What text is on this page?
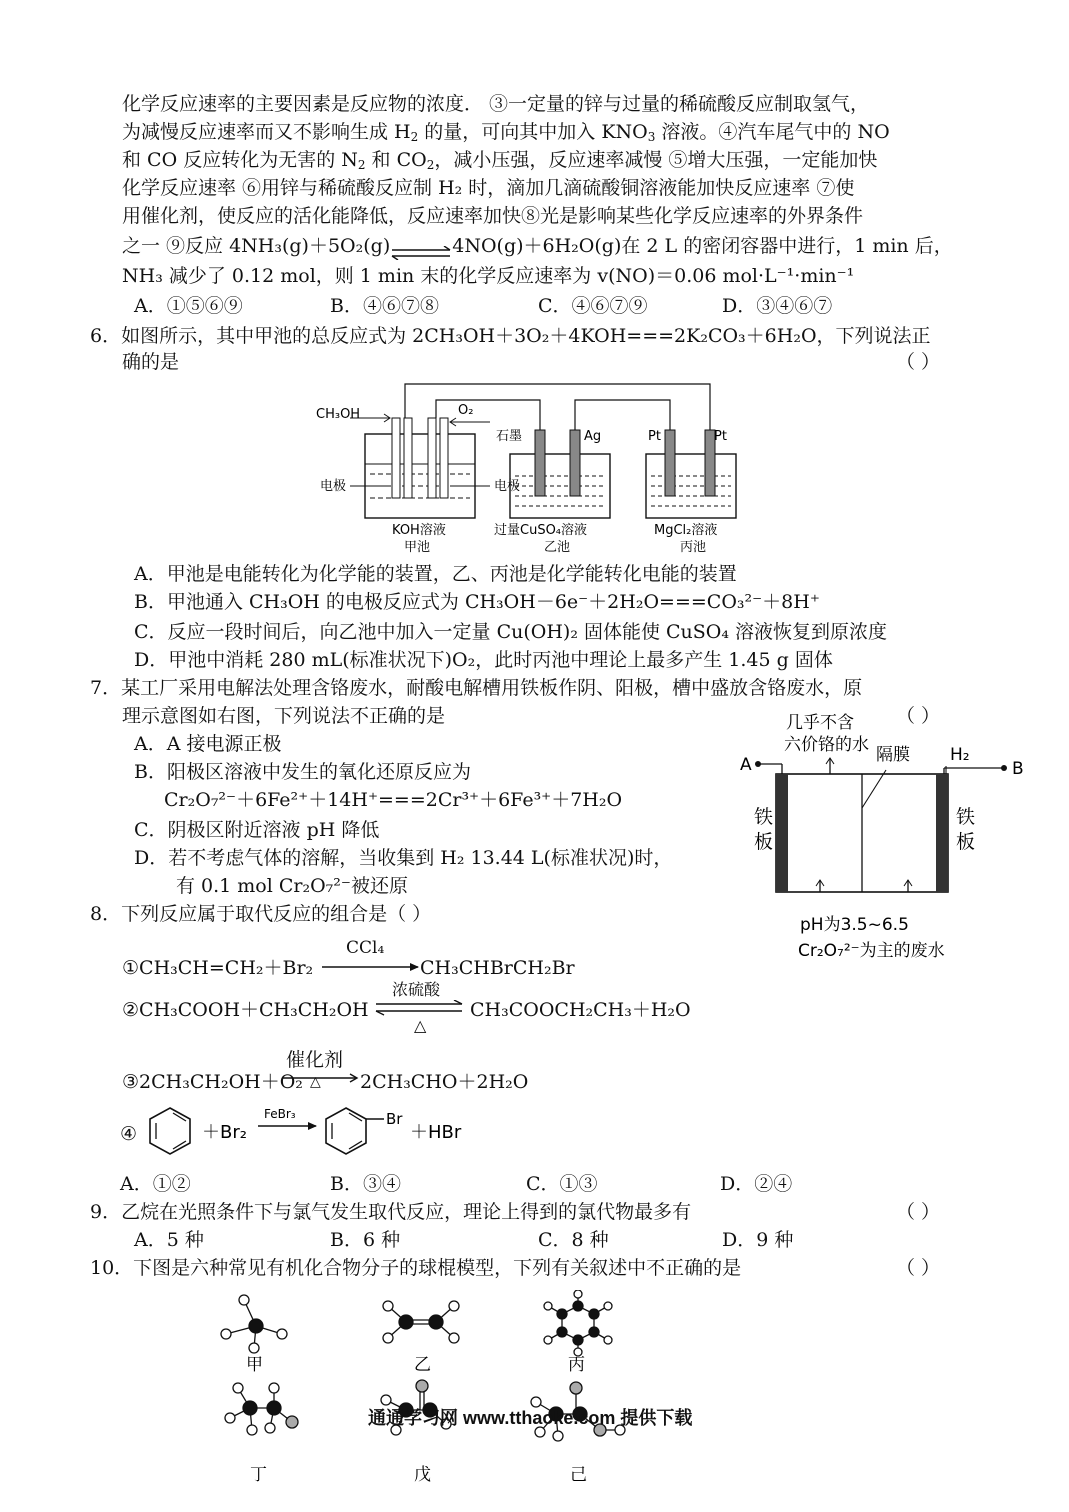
化学反应速率的主要因素是反应物的浓度． ③一定量的锌与过量的稀硫酸反应制取氢气，
为减慢反应速率而又不影响生成 $H_2$ 的量，可向其中加入 $KNO_3$ 溶液。④汽车尾气中的 NO
和 CO 反应转化为无害的 $N_2$ 和 $CO_2$，减小压强，反应速率减慢 ⑤增大压强，一定能加快
化学反应速率 ⑥用锌与稀硫酸反应制 H₂ 时，滴加几滴硫酸铜溶液能加快反应速率 ⑦使
用催化剂，使反应的活化能降低，反应速率加快⑧光是影响某些化学反应速率的外界条件
之一 ⑨反应 4NH₃(g)＋5O₂(g)⇌4NO(g)＋6H₂O(g)在 2 L 的密闭容器中进行，1 min 后，
NH₃ 减少了 0.12 mol，则 1 min 末的化学反应速率为 v(NO)＝0.06 mol·L⁻¹·min⁻¹
A．①⑤⑥⑨	B．④⑥⑦⑧	C．④⑥⑦⑨	D．③④⑥⑦
6．如图所示，其中甲池的总反应式为 2CH₃OH＋3O₂＋4KOH===2K₂CO₃＋6H₂O，下列说法正
确的是	（ ）
CH₃OH	O₂
电极	电极
石墨	Ag	Pt	Pt
KOH溶液
甲池
过量CuSO₄溶液
乙池
MgCl₂溶液
丙池
A．甲池是电能转化为化学能的装置，乙、丙池是化学能转化电能的装置
B．甲池通入 CH₃OH 的电极反应式为 CH₃OH－6e⁻＋2H₂O===CO₃²⁻＋8H⁺
C．反应一段时间后，向乙池中加入一定量 Cu(OH)₂ 固体能使 CuSO₄ 溶液恢复到原浓度
D．甲池中消耗 280 mL(标准状况下)O₂，此时丙池中理论上最多产生 1.45 g 固体
7．某工厂采用电解法处理含铬废水，耐酸电解槽用铁板作阴、阳极，槽中盛放含铬废水，原
理示意图如右图，下列说法不正确的是	（ ）
A．A 接电源正极
B．阳极区溶液中发生的氧化还原反应为
Cr₂O₇²⁻＋6Fe²⁺＋14H⁺===2Cr³⁺＋6Fe³⁺＋7H₂O
C．阴极区附近溶液 pH 降低
D．若不考虑气体的溶解，当收集到 H₂ 13.44 L(标准状况)时，
有 0.1 mol Cr₂O₇²⁻被还原
几乎不含
六价铬的水 隔膜 H₂
A	B
铁
板
铁
板
pH为3.5~6.5
Cr₂O₇²⁻为主的废水
8．下列反应属于取代反应的组合是（ ）
①CH₃CH=CH₂＋Br₂
CCl₄
CH₃CHBrCH₂Br
②CH₃COOH＋CH₃CH₂OH
浓硫酸
△
CH₃COOCH₂CH₃＋H₂O
③2CH₃CH₂OH＋O₂
催化剂
△ 2CH₃CHO＋2H₂O
④	＋Br₂
FeBr₃	Br
＋HBr
A．①②	B．③④	C．①③	D．②④
9．乙烷在光照条件下与氯气发生取代反应，理论上得到的氯代物最多有	（ ）
A．5 种	B．6 种	C．8 种	D．9 种
10．下图是六种常见有机化合物分子的球棍模型，下列有关叙述中不正确的是	（ ）
甲	乙	丙
丁	戊	己
通通学习网 www.tthaoke.com 提供下载
